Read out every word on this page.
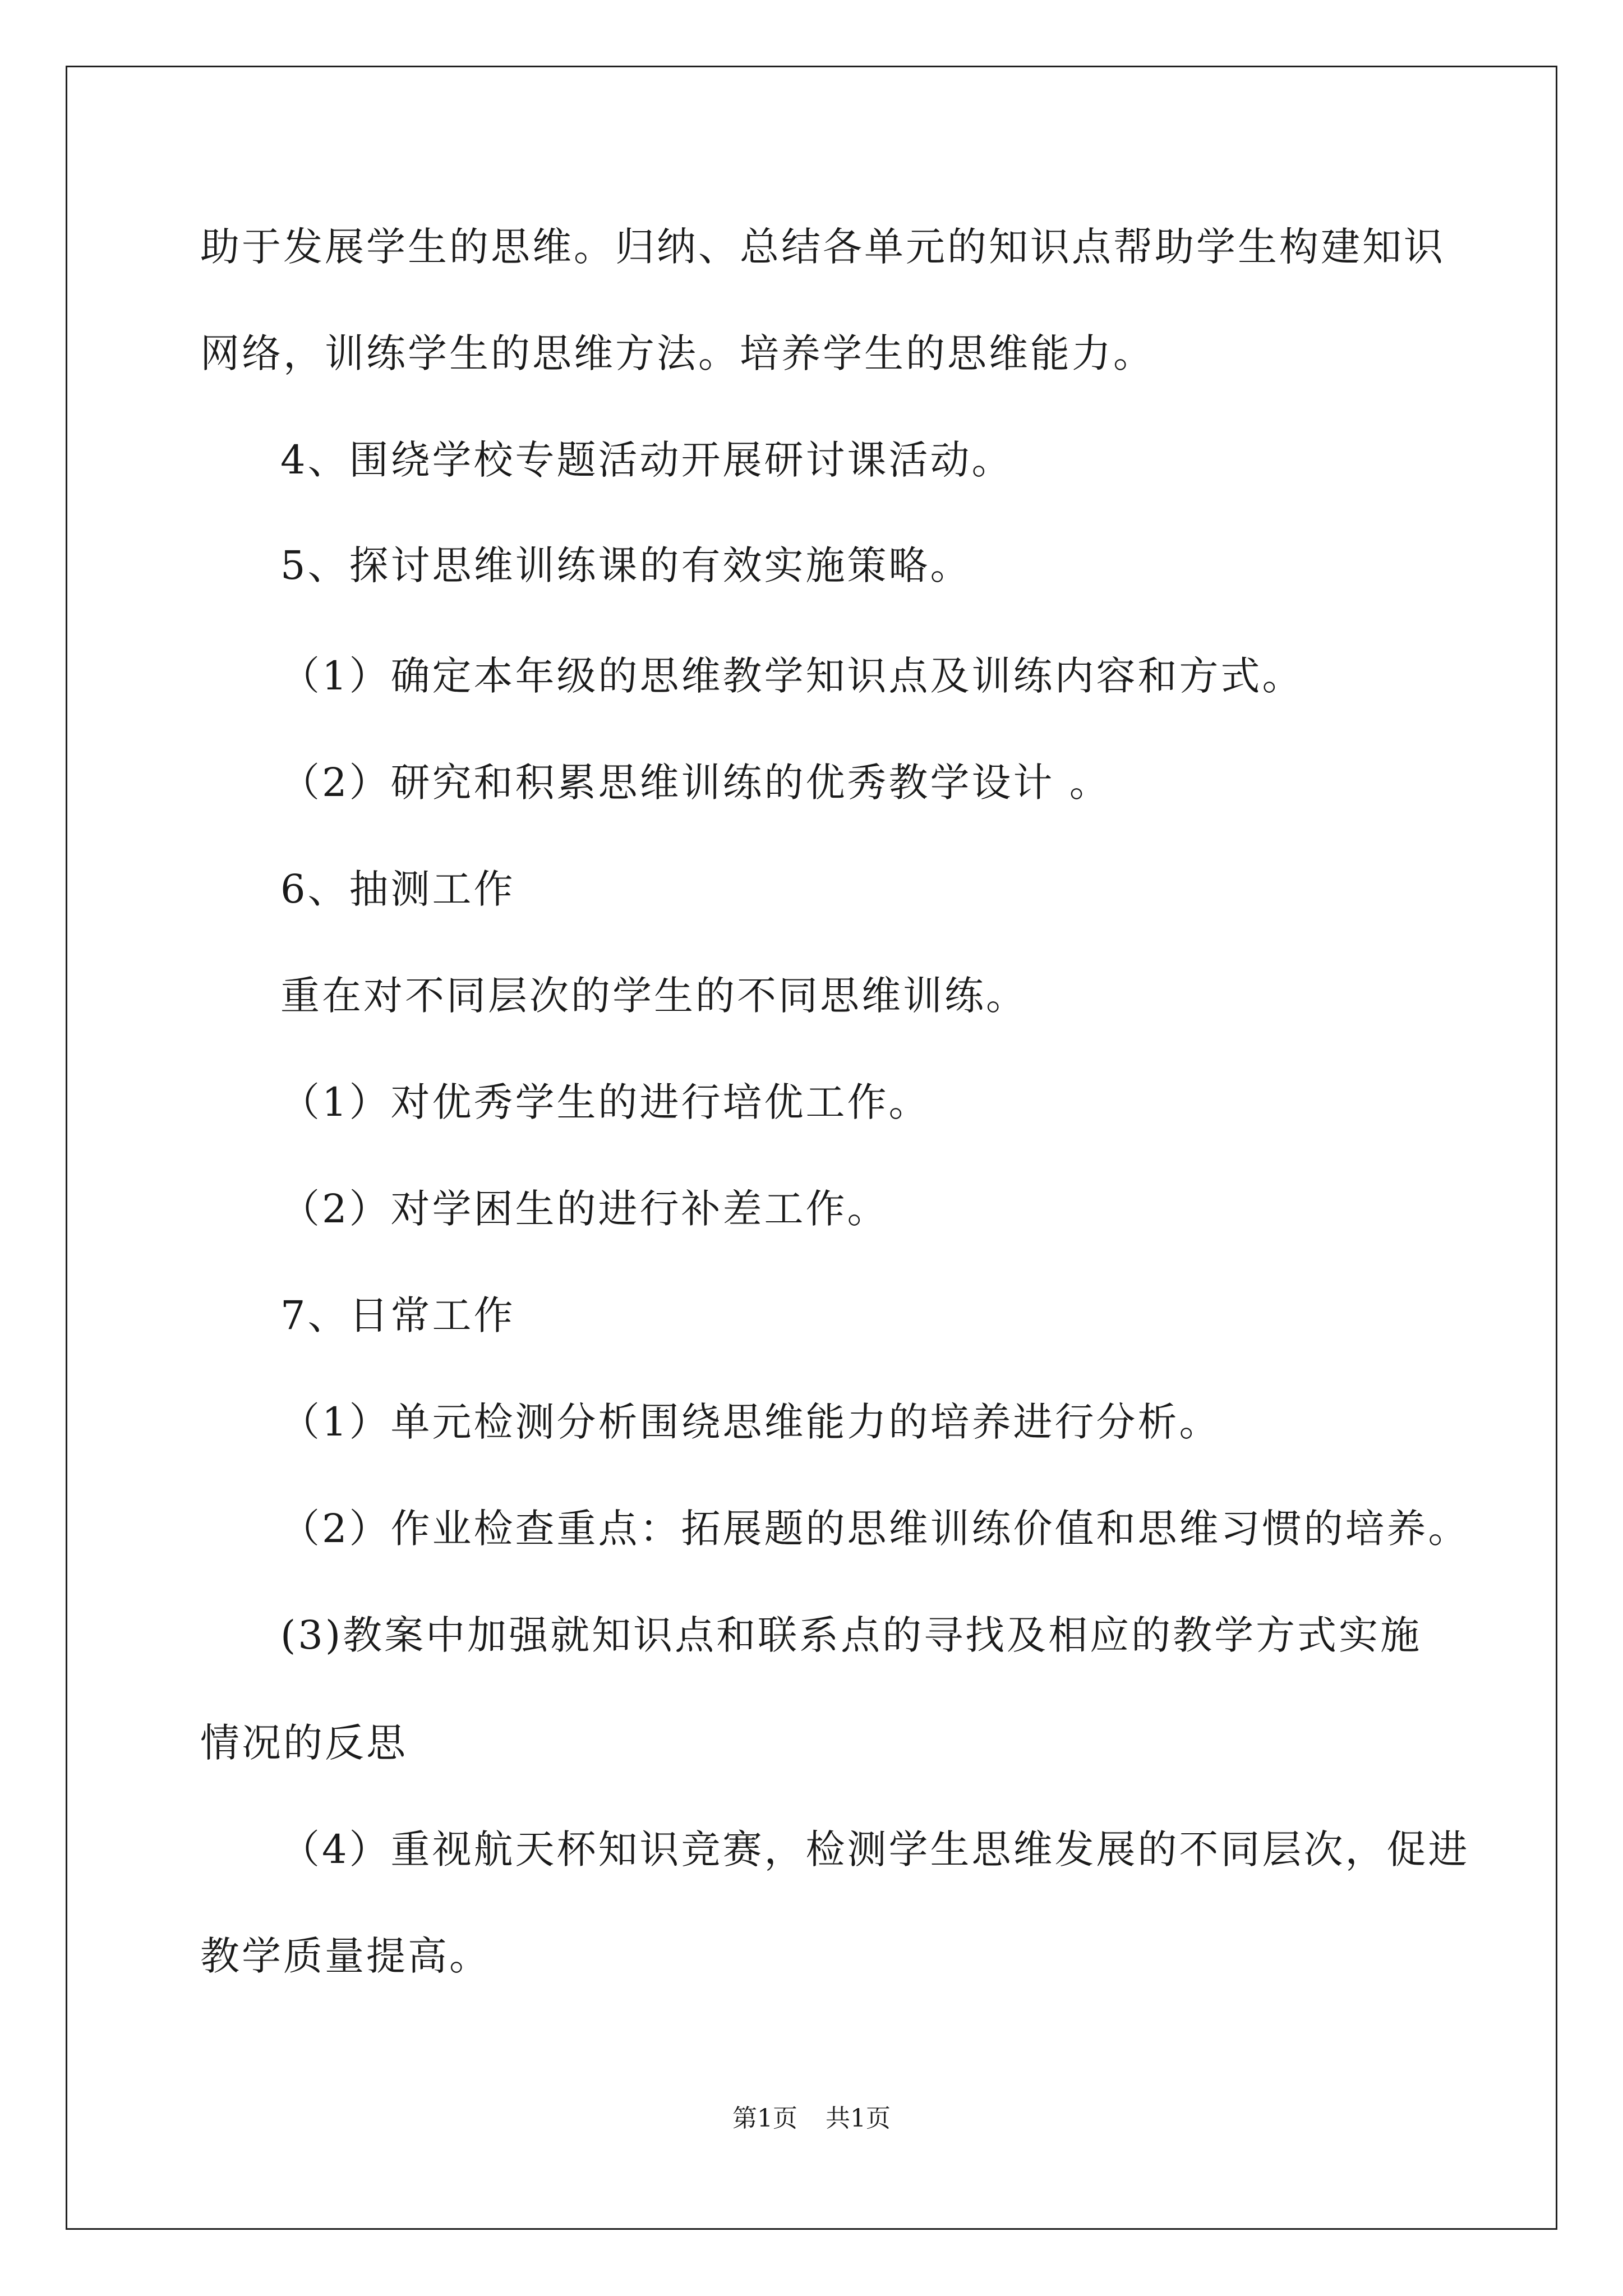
助于发展学生的思维。归纳、总结各单元的知识点帮助学生构建知识
网络，训练学生的思维方法。培养学生的思维能力。
4、围绕学校专题活动开展研讨课活动。
5、探讨思维训练课的有效实施策略。
（1）确定本年级的思维教学知识点及训练内容和方式。
（2）研究和积累思维训练的优秀教学设计 。
6、抽测工作
重在对不同层次的学生的不同思维训练。
（1）对优秀学生的进行培优工作。
（2）对学困生的进行补差工作。
7、日常工作
（1）单元检测分析围绕思维能力的培养进行分析。
（2）作业检查重点：拓展题的思维训练价值和思维习惯的培养。
(3)教案中加强就知识点和联系点的寻找及相应的教学方式实施
情况的反思
（4）重视航天杯知识竞赛，检测学生思维发展的不同层次，促进
教学质量提高。
第1页 共1页
